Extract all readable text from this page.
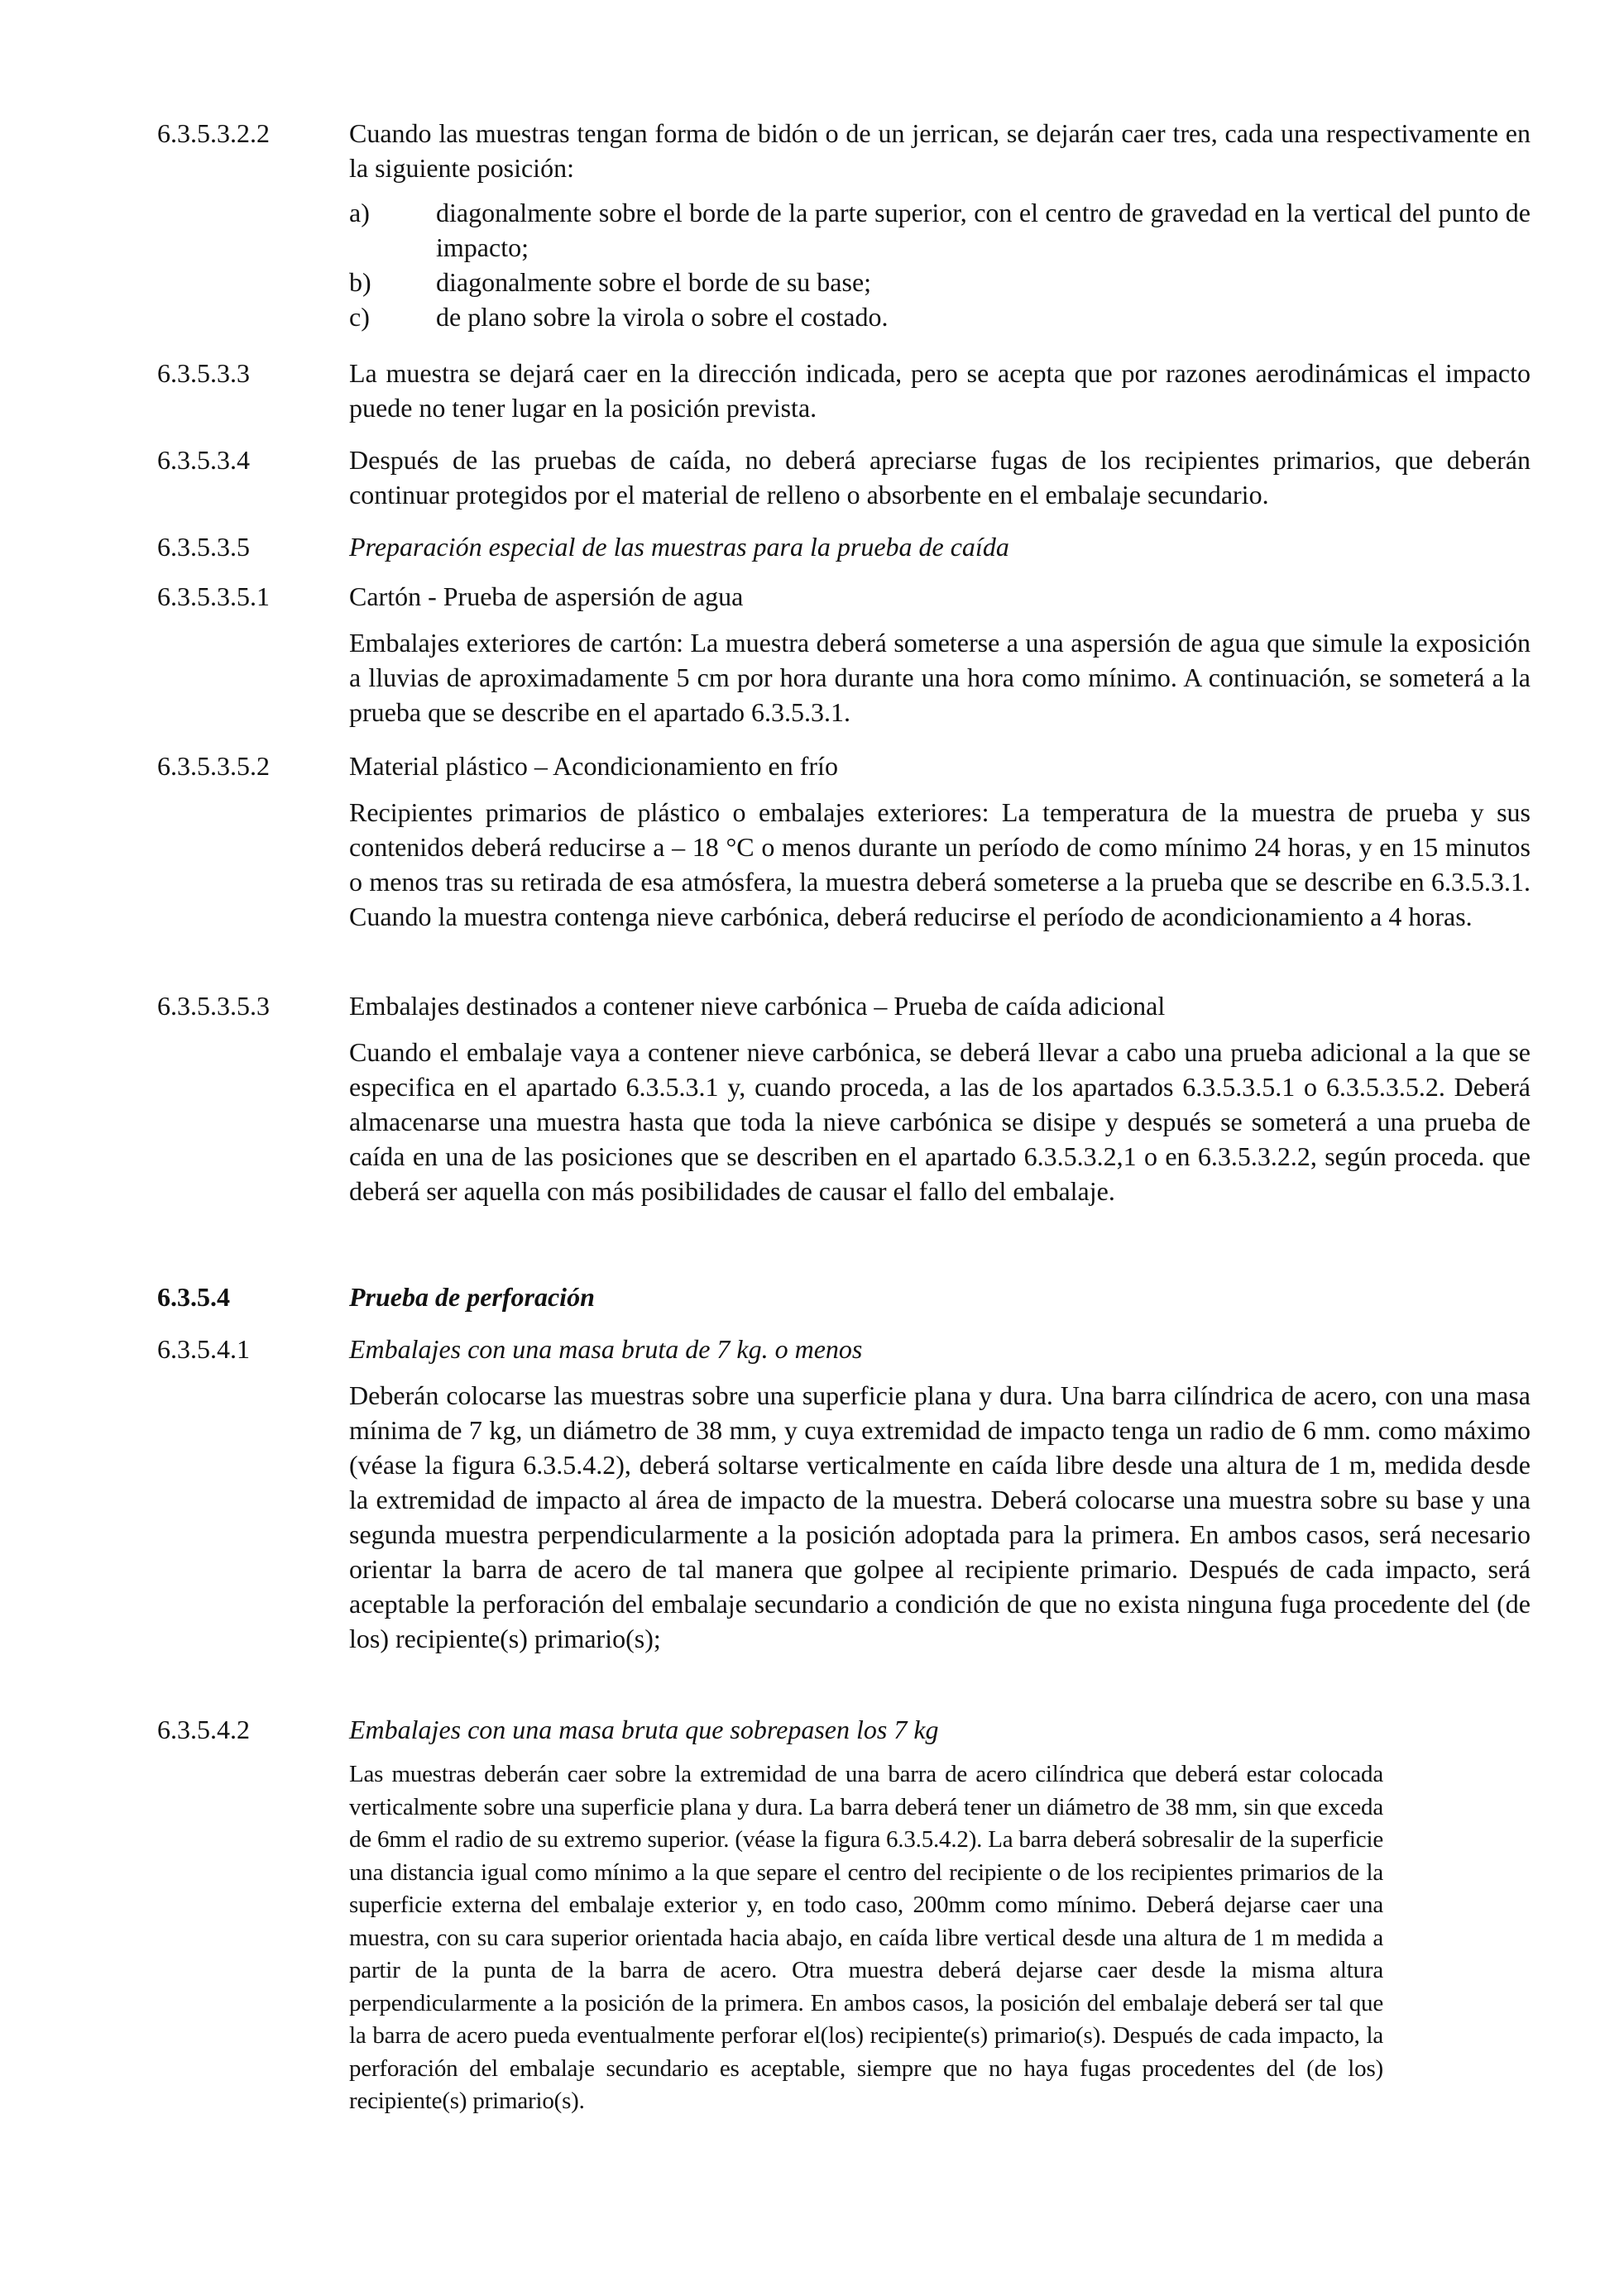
6.3.5.3.2.2	Cuando las muestras tengan forma de bidón o de un jerrican, se dejarán caer tres, cada una respectivamente en la siguiente posición:

a)	diagonalmente sobre el borde de la parte superior, con el centro de gravedad en la vertical del punto de impacto;
b) diagonalmente sobre el borde de su base;
c)	de plano sobre la virola o sobre el costado.
6.3.5.3.3	La muestra se dejará caer en la dirección indicada, pero se acepta que por razones aerodinámicas el impacto puede no tener lugar en la posición prevista.

6.3.5.3.4	Después de las pruebas de caída, no deberá apreciarse fugas de los recipientes primarios, que deberán continuar protegidos por el material de relleno o absorbente en el embalaje secundario.

6.3.5.3.5	Preparación especial de las muestras para la prueba de caída

6.3.5.3.5.1	Cartón - Prueba de aspersión de agua

Embalajes exteriores de cartón: La muestra deberá someterse a una aspersión de agua que simule la exposición a lluvias de aproximadamente 5 cm por hora durante una hora como mínimo. A continuación, se someterá a la prueba que se describe en el apartado 6.3.5.3.1.

6.3.5.3.5.2	Material plástico – Acondicionamiento en frío

Recipientes primarios de plástico o embalajes exteriores: La temperatura de la muestra de prueba y sus contenidos deberá reducirse a – 18 °C o menos durante un período de como mínimo 24 horas, y en 15 minutos o menos tras su retirada de esa atmósfera, la muestra deberá someterse a la prueba que se describe en 6.3.5.3.1. Cuando la muestra contenga nieve carbónica, deberá reducirse el período de acondicionamiento a 4 horas.

6.3.5.3.5.3	Embalajes destinados a contener nieve carbónica – Prueba de caída adicional

Cuando el embalaje vaya a contener nieve carbónica, se deberá llevar a cabo una prueba adicional a la que se especifica en el apartado 6.3.5.3.1 y, cuando proceda, a las de los apartados 6.3.5.3.5.1 o 6.3.5.3.5.2. Deberá almacenarse una muestra hasta que toda la nieve carbónica se disipe y después se someterá a una prueba de caída en una de las posiciones que se describen en el apartado 6.3.5.3.2,1 o en 6.3.5.3.2.2, según proceda. que deberá ser aquella con más posibilidades de causar el fallo del embalaje.

6.3.5.4	Prueba de perforación

6.3.5.4.1	Embalajes con una masa bruta de 7 kg. o menos

Deberán colocarse las muestras sobre una superficie plana y dura. Una barra cilíndrica de acero, con una masa mínima de 7 kg, un diámetro de 38 mm, y cuya extremidad de impacto tenga un radio de 6 mm. como máximo (véase la figura 6.3.5.4.2), deberá soltarse verticalmente en caída libre desde una altura de 1 m, medida desde la extremidad de impacto al área de impacto de la muestra. Deberá colocarse una muestra sobre su base y una segunda muestra perpendicularmente a la posición adoptada para la primera. En ambos casos, será necesario orientar la barra de acero de tal manera que golpee al recipiente primario. Después de cada impacto, será aceptable la perforación del embalaje secundario a condición de que no exista ninguna fuga procedente del (de los) recipiente(s) primario(s);

6.3.5.4.2	Embalajes con una masa bruta que sobrepasen los 7 kg

Las muestras deberán caer sobre la extremidad de una barra de acero cilíndrica que deberá estar colocada verticalmente sobre una superficie plana y dura. La barra deberá tener un diámetro de 38 mm, sin que exceda de 6mm el radio de su extremo superior. (véase la figura 6.3.5.4.2). La barra deberá sobresalir de la superficie una distancia igual como mínimo a la que separe el centro del recipiente o de los recipientes primarios de la superficie externa del embalaje exterior y, en todo caso, 200mm como mínimo. Deberá dejarse caer una muestra, con su cara superior orientada hacia abajo, en caída libre vertical desde una altura de 1 m medida a partir de la punta de la barra de acero. Otra muestra deberá dejarse caer desde la misma altura perpendicularmente a la posición de la primera. En ambos casos, la posición del embalaje deberá ser tal que la barra de acero pueda eventualmente perforar el(los) recipiente(s) primario(s). Después de cada impacto, la perforación del embalaje secundario es aceptable, siempre que no haya fugas procedentes del (de los) recipiente(s) primario(s).
